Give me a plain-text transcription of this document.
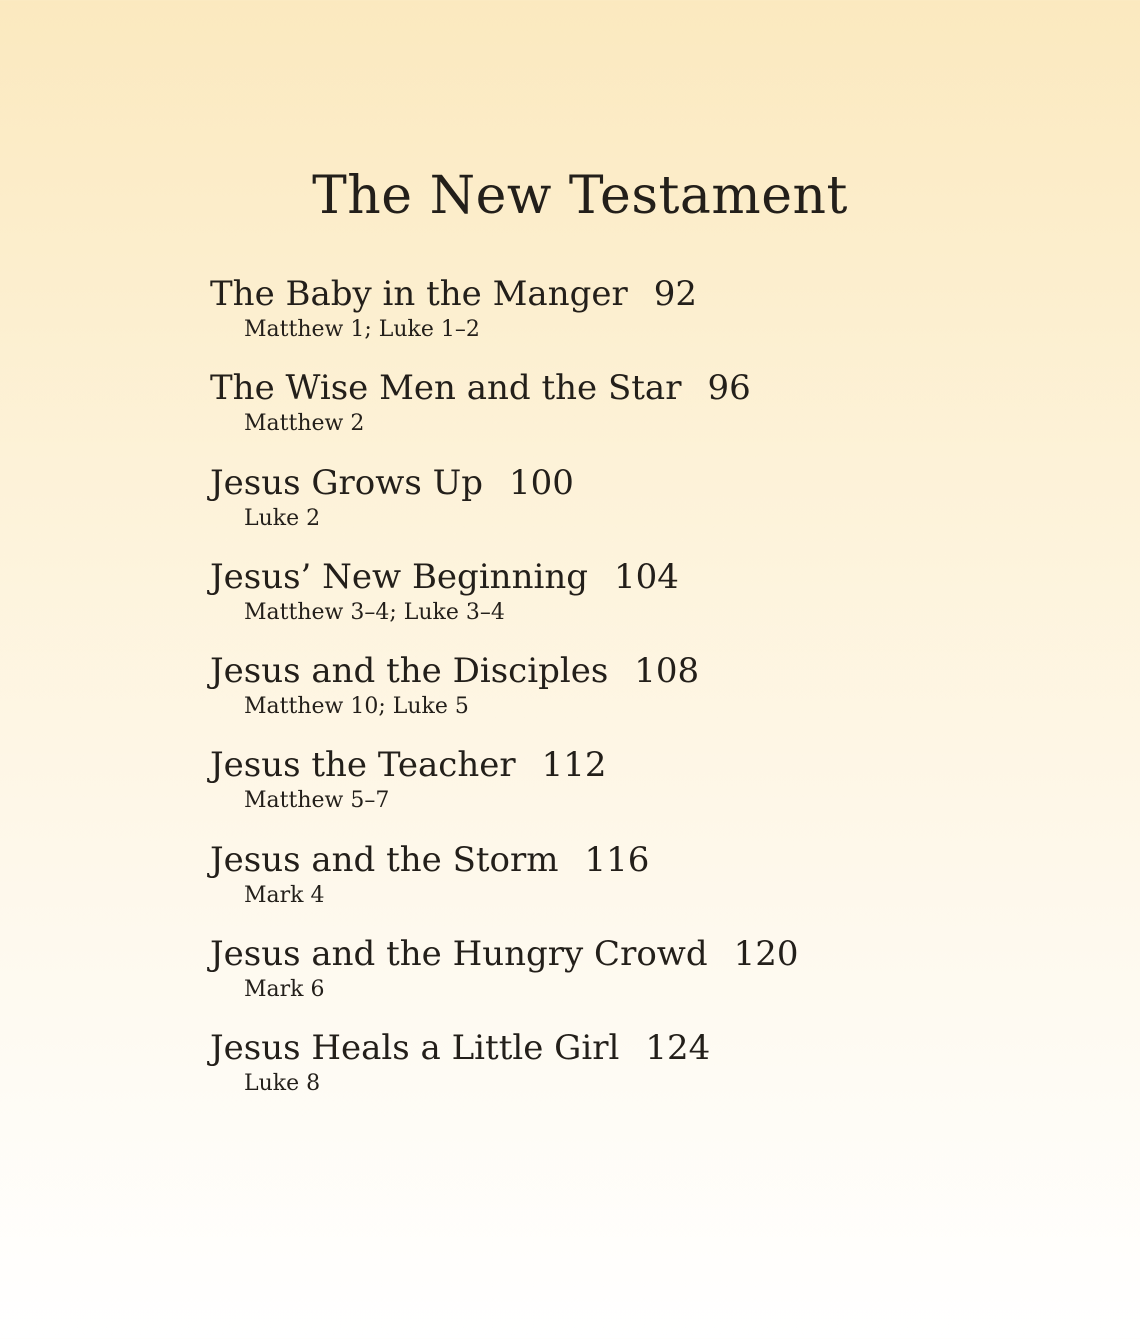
The New Testament
The Baby in the Manger 92
Matthew 1; Luke 1–2
The Wise Men and the Star 96
Matthew 2
Jesus Grows Up 100
Luke 2
Jesus’ New Beginning 104
Matthew 3–4; Luke 3–4
Jesus and the Disciples 108
Matthew 10; Luke 5
Jesus the Teacher 112
Matthew 5–7
Jesus and the Storm 116
Mark 4
Jesus and the Hungry Crowd 120
Mark 6
Jesus Heals a Little Girl 124
Luke 8
